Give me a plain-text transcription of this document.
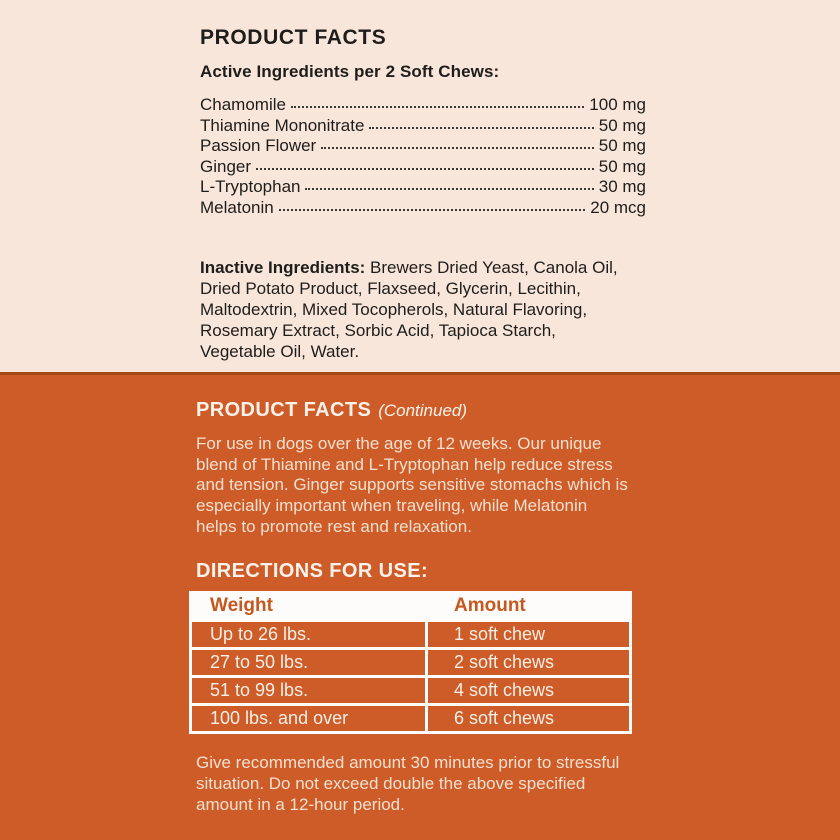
PRODUCT FACTS
Active Ingredients per 2 Soft Chews:
Chamomile	100 mg
Thiamine Mononitrate	50 mg
Passion Flower	50 mg
Ginger	50 mg
L-Tryptophan	30 mg
Melatonin	20 mcg
Inactive Ingredients: Brewers Dried Yeast, Canola Oil,
Dried Potato Product, Flaxseed, Glycerin, Lecithin,
Maltodextrin, Mixed Tocopherols, Natural Flavoring,
Rosemary Extract, Sorbic Acid, Tapioca Starch,
Vegetable Oil, Water.
PRODUCT FACTS (Continued)
For use in dogs over the age of 12 weeks. Our unique
blend of Thiamine and L-Tryptophan help reduce stress
and tension. Ginger supports sensitive stomachs which is
especially important when traveling, while Melatonin
helps to promote rest and relaxation.
DIRECTIONS FOR USE:
Weight	Amount
Up to 26 lbs.	1 soft chew
27 to 50 lbs.	2 soft chews
51 to 99 lbs.	4 soft chews
100 lbs. and over	6 soft chews
Give recommended amount 30 minutes prior to stressful
situation. Do not exceed double the above specified
amount in a 12-hour period.
